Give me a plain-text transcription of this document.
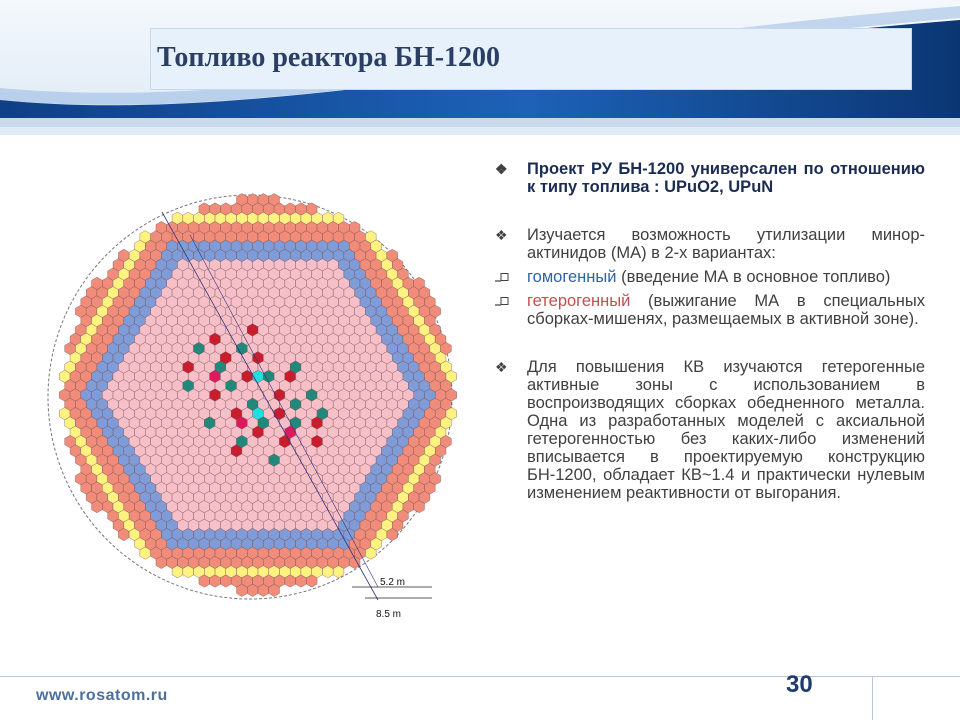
Топливо реактора БН-1200
5.2 m
8.5 m
❖	Проект РУ БН-1200 универсален по отношению к типу топлива : UPuO2, UPuN
❖	Изучается возможность утилизации минор-актинидов (МА) в 2-х вариантах:
гомогенный (введение МА в основное топливо)
гетерогенный (выжигание МА в специальных сборках-мишенях, размещаемых в активной зоне).
❖	Для повышения КВ изучаются гетерогенные активные зоны с использованием в воспроизводящих сборках обедненного металла. Одна из разработанных моделей с аксиальной гетерогенностью без каких-либо изменений вписывается в проектируемую конструкцию БН-1200, обладает КВ~1.4 и практически нулевым изменением реактивности от выгорания.
www.rosatom.ru	30
